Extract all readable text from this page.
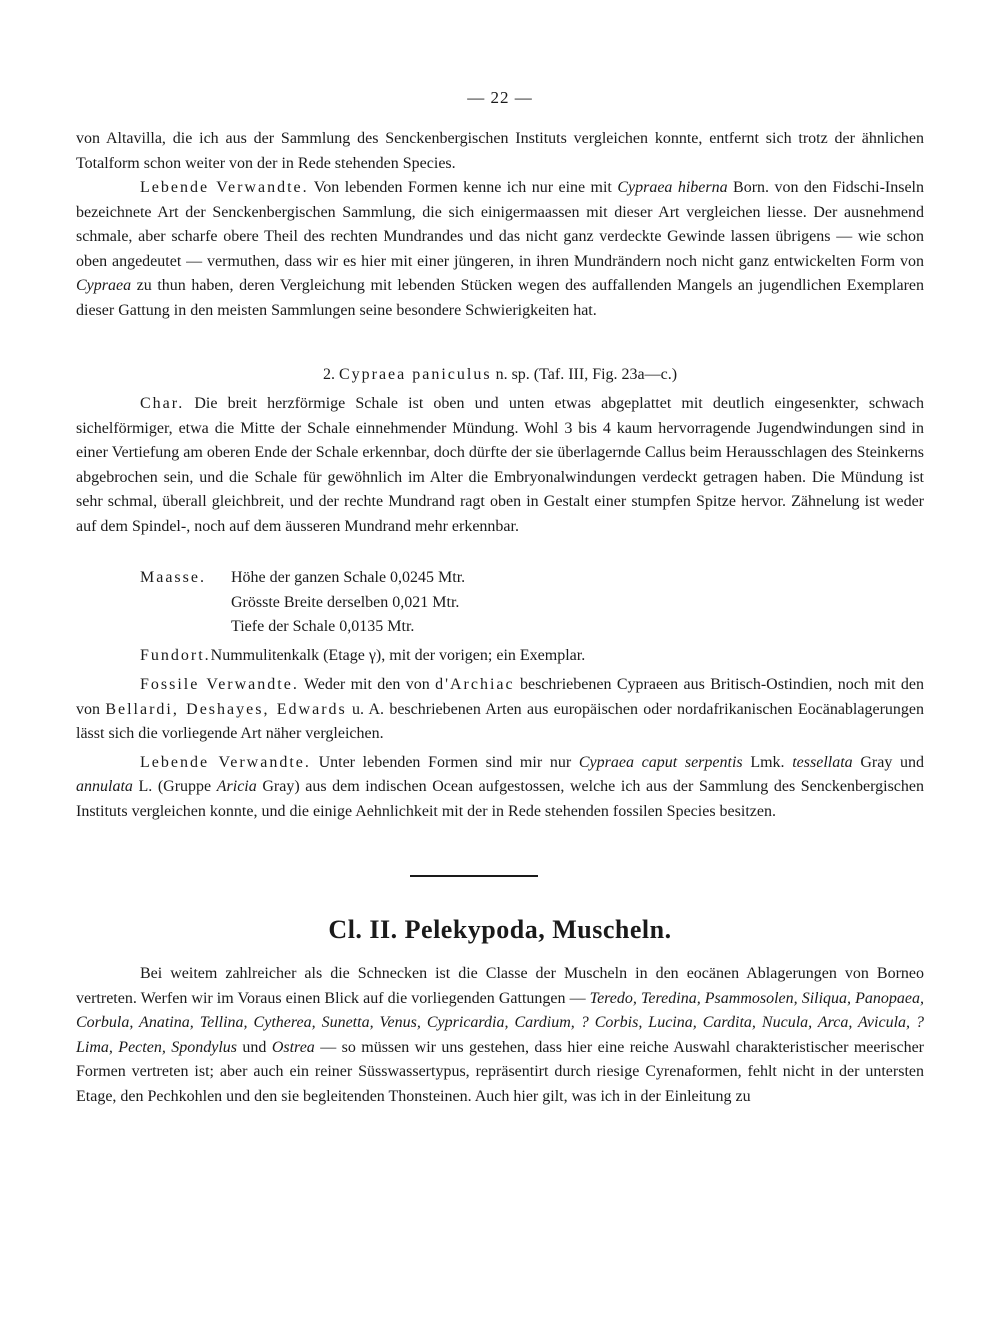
— 22 —

von Altavilla, die ich aus der Sammlung des Senckenbergischen Instituts vergleichen konnte, entfernt sich trotz der ähnlichen Totalform schon weiter von der in Rede stehenden Species.

Lebende Verwandte. Von lebenden Formen kenne ich nur eine mit Cypraea hiberna Born. von den Fidschi-Inseln bezeichnete Art der Senckenbergischen Sammlung, die sich einigermaassen mit dieser Art vergleichen liesse. Der ausnehmend schmale, aber scharfe obere Theil des rechten Mundrandes und das nicht ganz verdeckte Gewinde lassen übrigens — wie schon oben angedeutet — vermuthen, dass wir es hier mit einer jüngeren, in ihren Mundrändern noch nicht ganz entwickelten Form von Cypraea zu thun haben, deren Vergleichung mit lebenden Stücken wegen des auffallenden Mangels an jugendlichen Exemplaren dieser Gattung in den meisten Sammlungen seine besondere Schwierigkeiten hat.

2. Cypraea paniculus n. sp. (Taf. III, Fig. 23a—c.)

Char. Die breit herzförmige Schale ist oben und unten etwas abgeplattet mit deutlich eingesenkter, schwach sichelförmiger, etwa die Mitte der Schale einnehmender Mündung. Wohl 3 bis 4 kaum hervorragende Jugendwindungen sind in einer Vertiefung am oberen Ende der Schale erkennbar, doch dürfte der sie überlagernde Callus beim Herausschlagen des Steinkerns abgebrochen sein, und die Schale für gewöhnlich im Alter die Embryonalwindungen verdeckt getragen haben. Die Mündung ist sehr schmal, überall gleichbreit, und der rechte Mundrand ragt oben in Gestalt einer stumpfen Spitze hervor. Zähnelung ist weder auf dem Spindel-, noch auf dem äusseren Mundrand mehr erkennbar.

Maasse. Höhe der ganzen Schale 0,0245 Mtr.
Grösste Breite derselben 0,021 Mtr.
Tiefe der Schale 0,0135 Mtr.
Fundort.Nummulitenkalk (Etage γ), mit der vorigen; ein Exemplar.

Fossile Verwandte. Weder mit den von d'Archiac beschriebenen Cypraeen aus Britisch-Ostindien, noch mit den von Bellardi, Deshayes, Edwards u. A. beschriebenen Arten aus europäischen oder nordafrikanischen Eocänablagerungen lässt sich die vorliegende Art näher vergleichen.

Lebende Verwandte. Unter lebenden Formen sind mir nur Cypraea caput serpentis Lmk. tessellata Gray und annulata L. (Gruppe Aricia Gray) aus dem indischen Ocean aufgestossen, welche ich aus der Sammlung des Senckenbergischen Instituts vergleichen konnte, und die einige Aehnlichkeit mit der in Rede stehenden fossilen Species besitzen.

Cl. II. Pelekypoda, Muscheln.

Bei weitem zahlreicher als die Schnecken ist die Classe der Muscheln in den eocänen Ablagerungen von Borneo vertreten. Werfen wir im Voraus einen Blick auf die vorliegenden Gattungen — Teredo, Teredina, Psammosolen, Siliqua, Panopaea, Corbula, Anatina, Tellina, Cytherea, Sunetta, Venus, Cypricardia, Cardium, ? Corbis, Lucina, Cardita, Nucula, Arca, Avicula, ? Lima, Pecten, Spondylus und Ostrea — so müssen wir uns gestehen, dass hier eine reiche Auswahl charakteristischer meerischer Formen vertreten ist; aber auch ein reiner Süsswassertypus, repräsentirt durch riesige Cyrenaformen, fehlt nicht in der untersten Etage, den Pechkohlen und den sie begleitenden Thonsteinen. Auch hier gilt, was ich in der Einleitung zu
